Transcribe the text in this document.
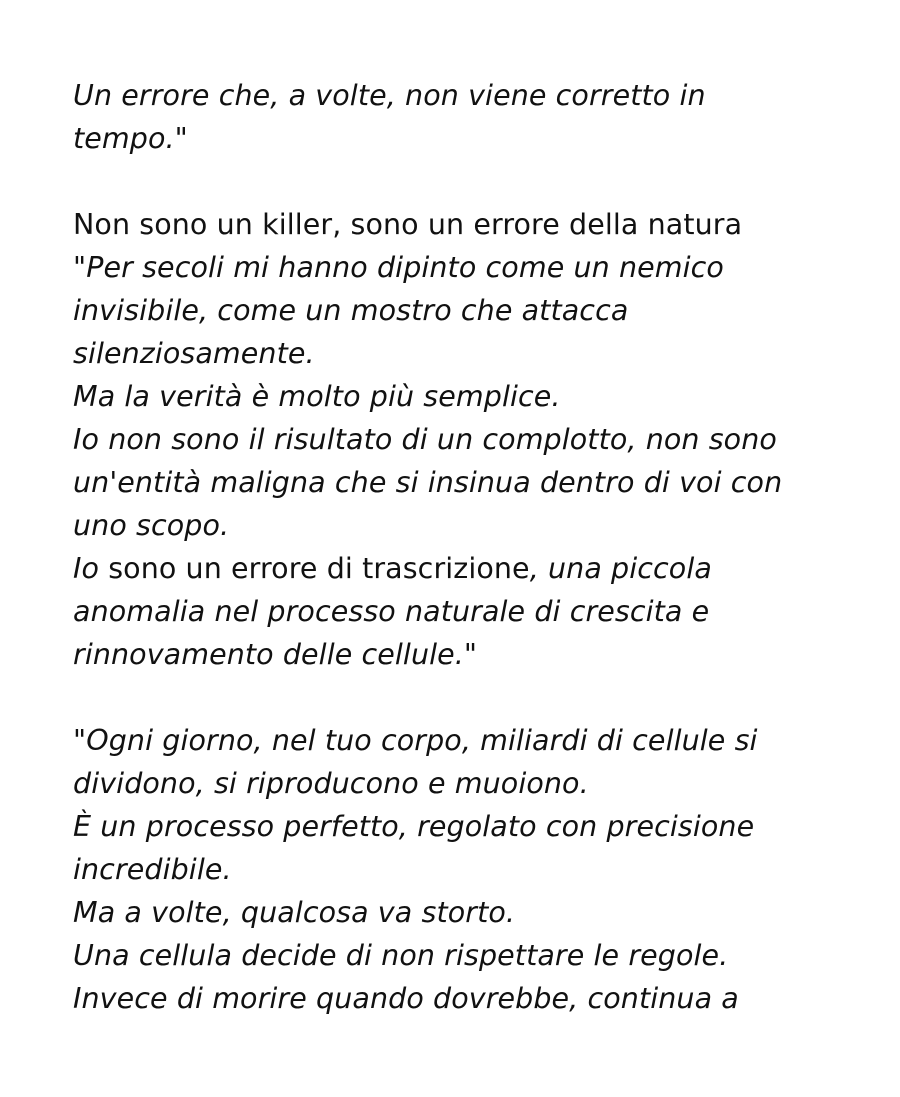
Un errore che, a volte, non viene corretto in
tempo."

Non sono un killer, sono un errore della natura

"Per secoli mi hanno dipinto come un nemico
invisibile, come un mostro che attacca
silenziosamente.
Ma la verità è molto più semplice.
Io non sono il risultato di un complotto, non sono
un'entità maligna che si insinua dentro di voi con
uno scopo.
Io sono un errore di trascrizione, una piccola
anomalia nel processo naturale di crescita e
rinnovamento delle cellule."

"Ogni giorno, nel tuo corpo, miliardi di cellule si
dividono, si riproducono e muoiono.
È un processo perfetto, regolato con precisione
incredibile.
Ma a volte, qualcosa va storto.
Una cellula decide di non rispettare le regole.
Invece di morire quando dovrebbe, continua a
